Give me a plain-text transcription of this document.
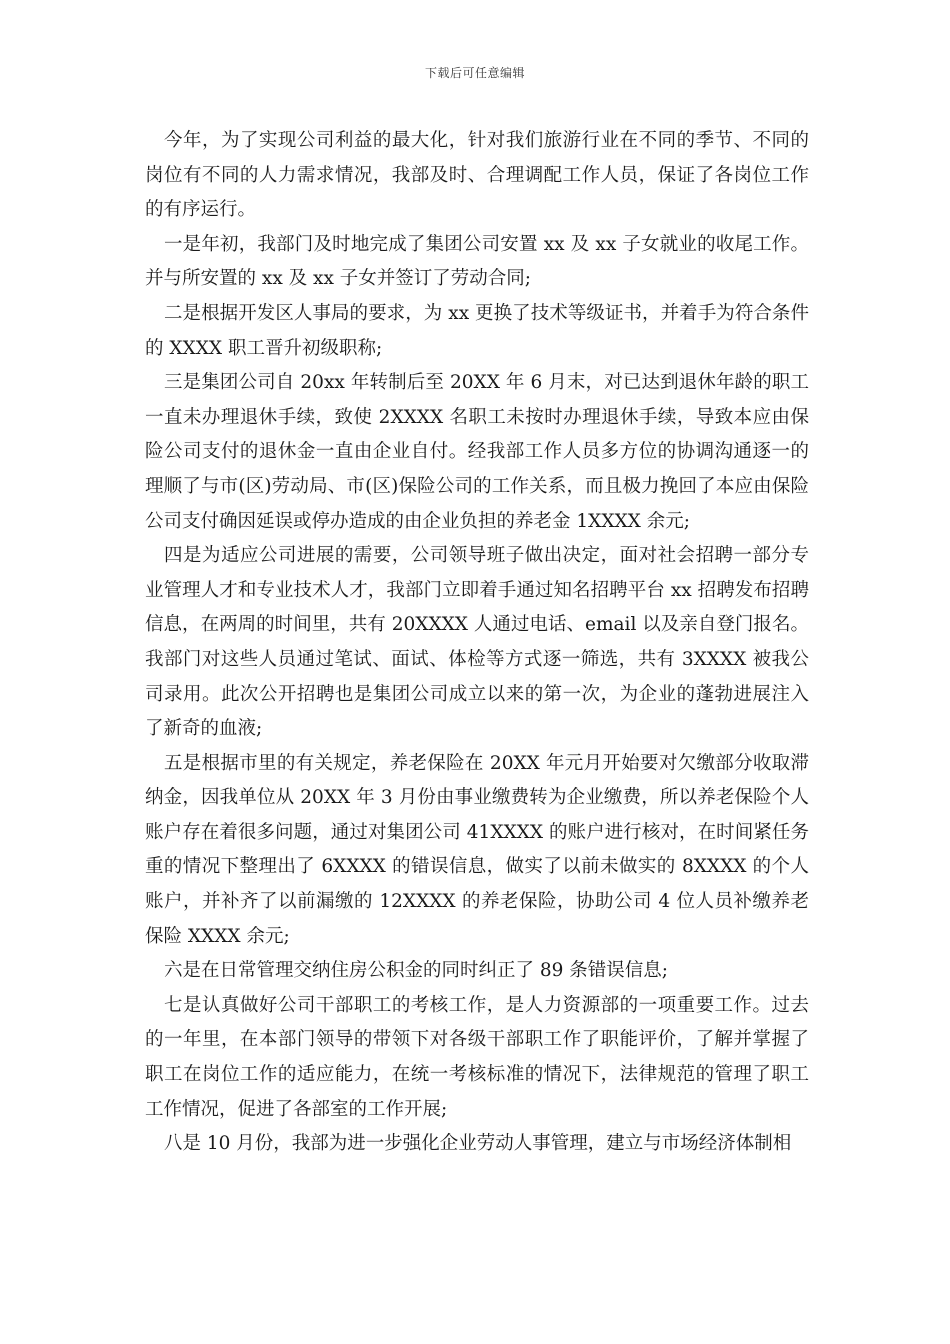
下载后可任意编辑

今年，为了实现公司利益的最大化，针对我们旅游行业在不同的季节、不同的岗位有不同的人力需求情况，我部及时、合理调配工作人员，保证了各岗位工作的有序运行。

一是年初，我部门及时地完成了集团公司安置 xx 及 xx 子女就业的收尾工作。并与所安置的 xx 及 xx 子女并签订了劳动合同;

二是根据开发区人事局的要求，为 xx 更换了技术等级证书，并着手为符合条件的 XXXX 职工晋升初级职称;

三是集团公司自 20xx 年转制后至 20XX 年 6 月末，对已达到退休年龄的职工一直未办理退休手续，致使 2XXXX 名职工未按时办理退休手续，导致本应由保险公司支付的退休金一直由企业自付。经我部工作人员多方位的协调沟通逐一的理顺了与市(区)劳动局、市(区)保险公司的工作关系，而且极力挽回了本应由保险公司支付确因延误或停办造成的由企业负担的养老金 1XXXX 余元;

四是为适应公司进展的需要，公司领导班子做出决定，面对社会招聘一部分专业管理人才和专业技术人才，我部门立即着手通过知名招聘平台 xx 招聘发布招聘信息，在两周的时间里，共有 20XXXX 人通过电话、email 以及亲自登门报名。我部门对这些人员通过笔试、面试、体检等方式逐一筛选，共有 3XXXX 被我公司录用。此次公开招聘也是集团公司成立以来的第一次，为企业的蓬勃进展注入了新奇的血液;

五是根据市里的有关规定，养老保险在 20XX 年元月开始要对欠缴部分收取滞纳金，因我单位从 20XX 年 3 月份由事业缴费转为企业缴费，所以养老保险个人账户存在着很多问题，通过对集团公司 41XXXX 的账户进行核对，在时间紧任务重的情况下整理出了 6XXXX 的错误信息，做实了以前未做实的 8XXXX 的个人账户，并补齐了以前漏缴的 12XXXX 的养老保险，协助公司 4 位人员补缴养老保险 XXXX 余元;

六是在日常管理交纳住房公积金的同时纠正了 89 条错误信息;

七是认真做好公司干部职工的考核工作，是人力资源部的一项重要工作。过去的一年里，在本部门领导的带领下对各级干部职工作了职能评价，了解并掌握了职工在岗位工作的适应能力，在统一考核标准的情况下，法律规范的管理了职工工作情况，促进了各部室的工作开展;

八是 10 月份，我部为进一步强化企业劳动人事管理，建立与市场经济体制相
